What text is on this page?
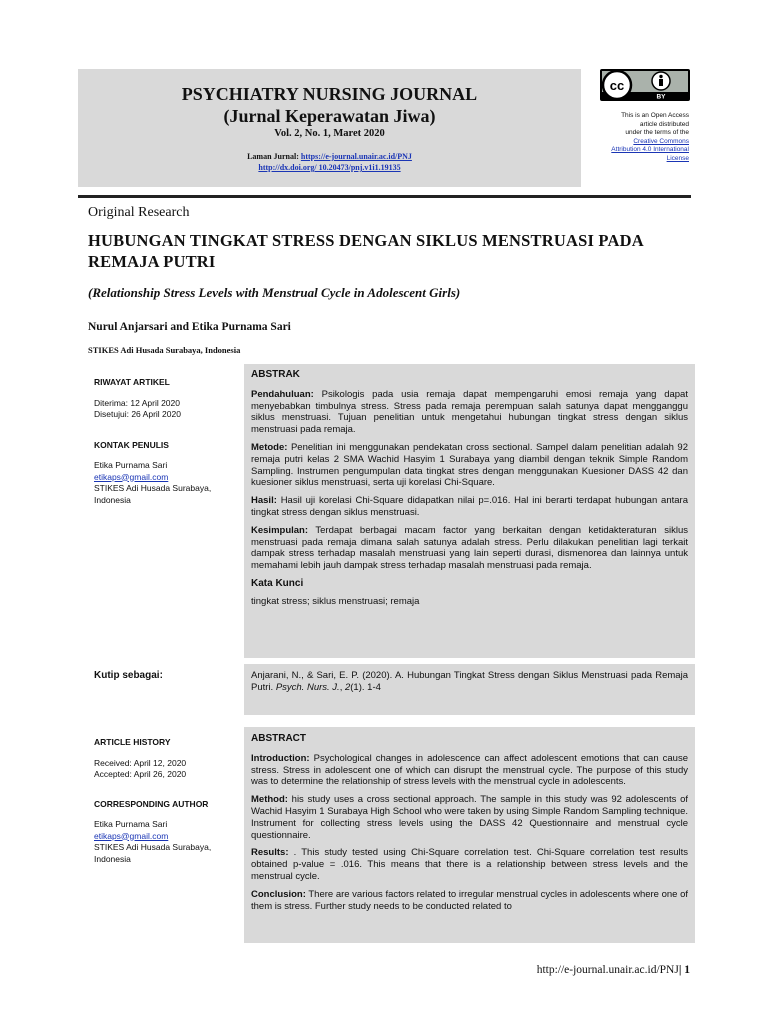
PSYCHIATRY NURSING JOURNAL
(Jurnal Keperawatan Jiwa)
Vol. 2, No. 1, Maret 2020
Laman Jurnal: https://e-journal.unair.ac.id/PNJ
http://dx.doi.org/ 10.20473/pnj.v1i1.19135
BY
cc
This is an Open Access
article distributed
under the terms of the
Creative Commons
Attribution 4.0 International
License
Original Research
HUBUNGAN TINGKAT STRESS DENGAN SIKLUS MENSTRUASI PADA REMAJA PUTRI
(Relationship Stress Levels with Menstrual Cycle in Adolescent Girls)
Nurul Anjarsari and Etika Purnama Sari
STIKES Adi Husada Surabaya, Indonesia
RIWAYAT ARTIKEL
Diterima: 12 April 2020
Disetujui: 26 April 2020
KONTAK PENULIS
Etika Purnama Sari
etikaps@gmail.com
STIKES Adi Husada Surabaya,
Indonesia
ABSTRAK
Pendahuluan: Psikologis pada usia remaja dapat mempengaruhi emosi remaja yang dapat menyebabkan timbulnya stress. Stress pada remaja perempuan salah satunya dapat mengganggu siklus menstruasi. Tujuan penelitian untuk mengetahui hubungan tingkat stress dengan siklus menstruasi pada remaja.
Metode: Penelitian ini menggunakan pendekatan cross sectional. Sampel dalam penelitian adalah 92 remaja putri kelas 2 SMA Wachid Hasyim 1 Surabaya yang diambil dengan teknik Simple Random Sampling. Instrumen pengumpulan data tingkat stres dengan menggunakan Kuesioner DASS 42 dan kuesioner siklus menstruasi, serta uji korelasi Chi-Square.
Hasil: Hasil uji korelasi Chi-Square didapatkan nilai p=.016. Hal ini berarti terdapat hubungan antara tingkat stress dengan siklus menstruasi.
Kesimpulan: Terdapat berbagai macam factor yang berkaitan dengan ketidakteraturan siklus menstruasi pada remaja dimana salah satunya adalah stress. Perlu dilakukan penelitian lagi terkait dampak stress terhadap masalah menstruasi yang lain seperti durasi, dismenorea dan lainnya untuk memahami lebih jauh dampak stress terhadap masalah menstruasi pada remaja.
Kata Kunci
tingkat stress; siklus menstruasi; remaja
Kutip sebagai:	Anjarani, N., & Sari, E. P. (2020). A. Hubungan Tingkat Stress dengan Siklus Menstruasi pada Remaja Putri. Psych. Nurs. J., 2(1). 1-4
ARTICLE HISTORY
Received: April 12, 2020
Accepted: April 26, 2020
CORRESPONDING AUTHOR
Etika Purnama Sari
etikaps@gmail.com
STIKES Adi Husada Surabaya,
Indonesia
ABSTRACT
Introduction: Psychological changes in adolescence can affect adolescent emotions that can cause stress. Stress in adolescent one of which can disrupt the menstrual cycle. The purpose of this study was to determine the relationship of stress levels with the menstrual cycle in adolescents.
Method: his study uses a cross sectional approach. The sample in this study was 92 adolescents of Wachid Hasyim 1 Surabaya High School who were taken by using Simple Random Sampling technique. Instrument for collecting stress levels using the DASS 42 Questionnaire and menstrual cycle questionnaire.
Results: . This study tested using Chi-Square correlation test. Chi-Square correlation test results obtained p-value = .016. This means that there is a relationship between stress levels and the menstrual cycle.
Conclusion: There are various factors related to irregular menstrual cycles in adolescents where one of them is stress. Further study needs to be conducted related to
http://e-journal.unair.ac.id/PNJ| 1
